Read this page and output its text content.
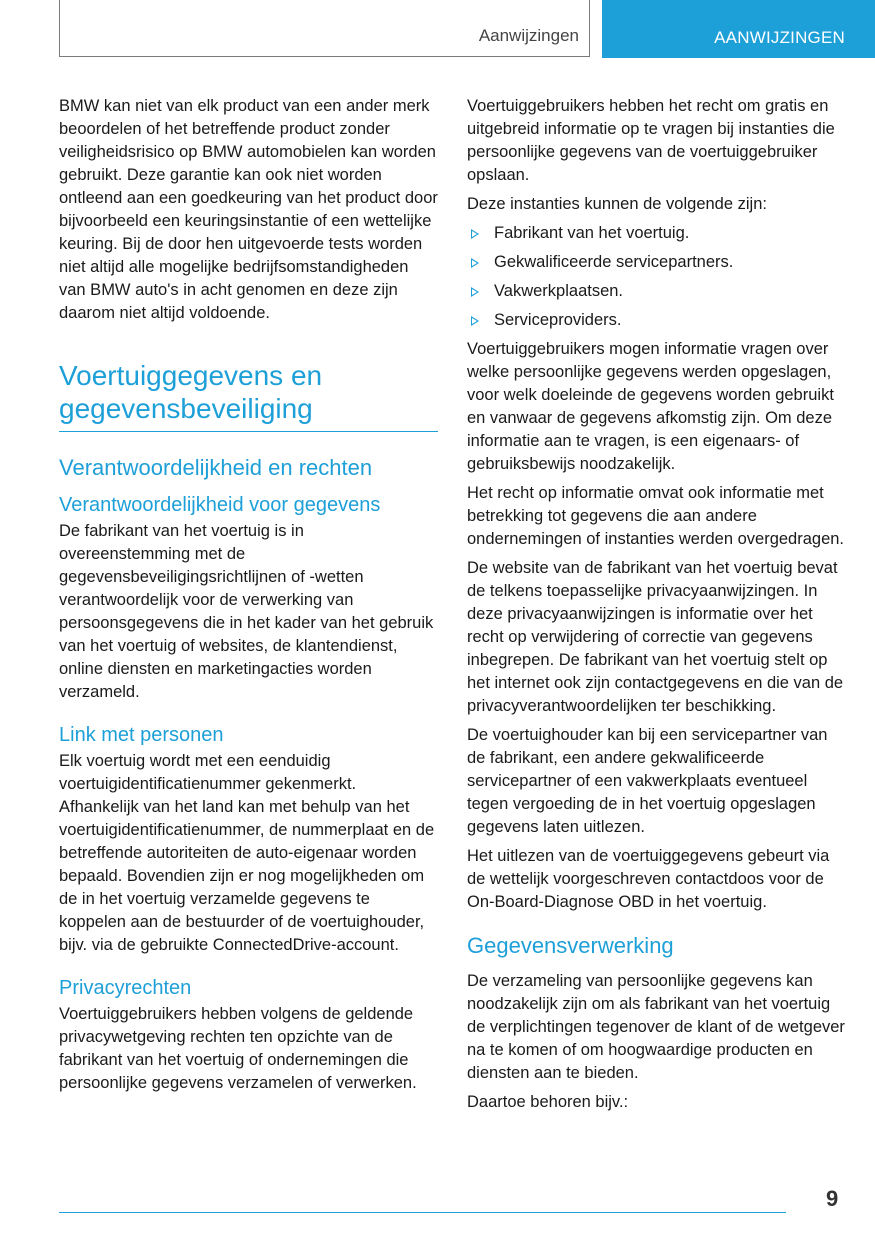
Aanwijzingen	AANWIJZINGEN

BMW kan niet van elk product van een ander merk beoordelen of het betreffende product zonder veiligheidsrisico op BMW automobielen kan worden gebruikt. Deze garantie kan ook niet worden ontleend aan een goedkeuring van het product door bijvoorbeeld een keuringsinstantie of een wettelijke keuring. Bij de door hen uitgevoerde tests worden niet altijd alle mogelijke bedrijfsomstandigheden van BMW auto's in acht genomen en deze zijn daarom niet altijd voldoende.

Voertuiggegevens en gegevensbeveiliging
Verantwoordelijkheid en rechten
Verantwoordelijkheid voor gegevens

De fabrikant van het voertuig is in overeenstemming met de gegevensbeveiligingsrichtlijnen of -wetten verantwoordelijk voor de verwerking van persoonsgegevens die in het kader van het gebruik van het voertuig of websites, de klantendienst, online diensten en marketingacties worden verzameld.

Link met personen

Elk voertuig wordt met een eenduidig voertuigidentificatienummer gekenmerkt. Afhankelijk van het land kan met behulp van het voertuigidentificatienummer, de nummerplaat en de betreffende autoriteiten de auto-eigenaar worden bepaald. Bovendien zijn er nog mogelijkheden om de in het voertuig verzamelde gegevens te koppelen aan de bestuurder of de voertuighouder, bijv. via de gebruikte ConnectedDrive-account.

Privacyrechten

Voertuiggebruikers hebben volgens de geldende privacywetgeving rechten ten opzichte van de fabrikant van het voertuig of ondernemingen die persoonlijke gegevens verzamelen of verwerken.

Voertuiggebruikers hebben het recht om gratis en uitgebreid informatie op te vragen bij instanties die persoonlijke gegevens van de voertuiggebruiker opslaan.

Deze instanties kunnen de volgende zijn:

Fabrikant van het voertuig.
Gekwalificeerde servicepartners.
Vakwerkplaatsen.
Serviceproviders.

Voertuiggebruikers mogen informatie vragen over welke persoonlijke gegevens werden opgeslagen, voor welk doeleinde de gegevens worden gebruikt en vanwaar de gegevens afkomstig zijn. Om deze informatie aan te vragen, is een eigenaars- of gebruiksbewijs noodzakelijk.

Het recht op informatie omvat ook informatie met betrekking tot gegevens die aan andere ondernemingen of instanties werden overgedragen.

De website van de fabrikant van het voertuig bevat de telkens toepasselijke privacyaanwijzingen. In deze privacyaanwijzingen is informatie over het recht op verwijdering of correctie van gegevens inbegrepen. De fabrikant van het voertuig stelt op het internet ook zijn contactgegevens en die van de privacyverantwoordelijken ter beschikking.

De voertuighouder kan bij een servicepartner van de fabrikant, een andere gekwalificeerde servicepartner of een vakwerkplaats eventueel tegen vergoeding de in het voertuig opgeslagen gegevens laten uitlezen.

Het uitlezen van de voertuiggegevens gebeurt via de wettelijk voorgeschreven contactdoos voor de On-Board-Diagnose OBD in het voertuig.

Gegevensverwerking

De verzameling van persoonlijke gegevens kan noodzakelijk zijn om als fabrikant van het voertuig de verplichtingen tegenover de klant of de wetgever na te komen of om hoogwaardige producten en diensten aan te bieden.

Daartoe behoren bijv.:

9
